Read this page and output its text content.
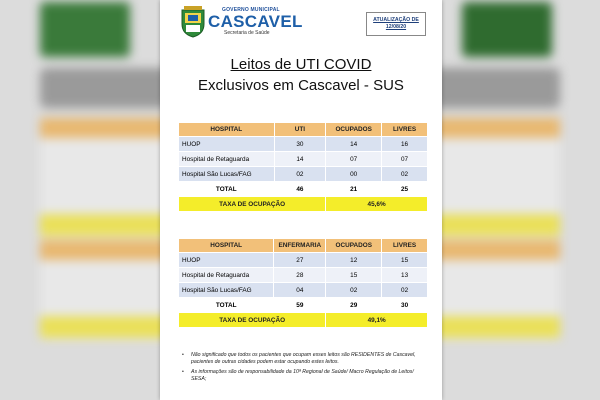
GOVERNO MUNICIPAL
CASCAVEL
Secretaria de Saúde
ATUALIZAÇÃO DE
12/08/20
Leitos de UTI COVID
Exclusivos em Cascavel - SUS
HOSPITAL	UTI	OCUPADOS	LIVRES
HUOP	30	14	16
Hospital de Retaguarda	14	07	07
Hospital São Lucas/FAG	02	00	02
TOTAL	46	21	25
TAXA DE OCUPAÇÃO		45,6%	
HOSPITAL	ENFERMARIA	OCUPADOS	LIVRES
HUOP	27	12	15
Hospital de Retaguarda	28	15	13
Hospital São Lucas/FAG	04	02	02
TOTAL	59	29	30
TAXA DE OCUPAÇÃO		49,1%	
• Não significado que todos os pacientes que ocupam esses leitos são RESIDENTES de Cascavel, pacientes de outras cidades podem estar ocupando estes leitos.
• As informações são de responsabilidade da 10ª Regional de Saúde/ Macro Regulação de Leitos/ SESA;
